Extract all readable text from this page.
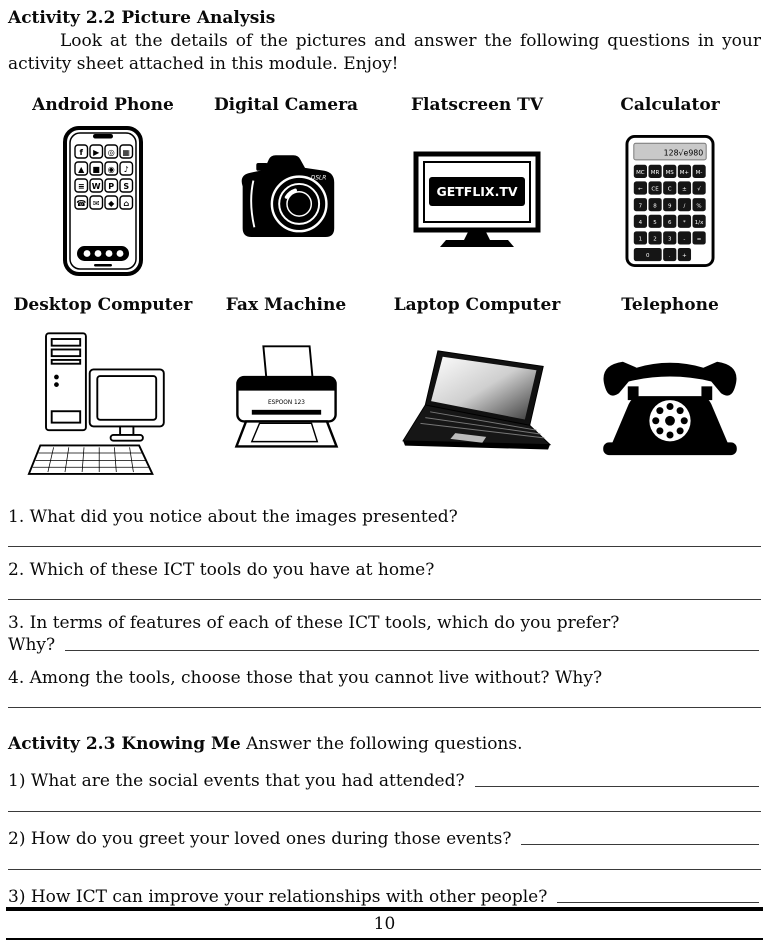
Activity 2.2 Picture Analysis

Look at the details of the pictures and answer the following questions in your activity sheet attached in this module. Enjoy!

Android Phone
f ▶ ◎ ▦
▲ ■ ◉ ♪
≡ W P S
☎ ✉ ◆ ⌂
Digital Camera
DSLR
Flatscreen TV
GETFLIX.TV
Calculator
128√e980
MC MR MS M+ M-
← CE C ± √
7 8 9 / %
4 5 6 * 1/x
1 2 3 - =
0	. +
Desktop Computer Fax Machine
ESPOON 123
Laptop Computer	Telephone

1. What did you notice about the images presented?

2. Which of these ICT tools do you have at home?

3. In terms of features of each of these ICT tools, which do you prefer?

Why?

4. Among the tools, choose those that you cannot live without? Why?

Activity 2.3 Knowing Me Answer the following questions.

1) What are the social events that you had attended?
2) How do you greet your loved ones during those events?
3) How ICT can improve your relationships with other people?
10
